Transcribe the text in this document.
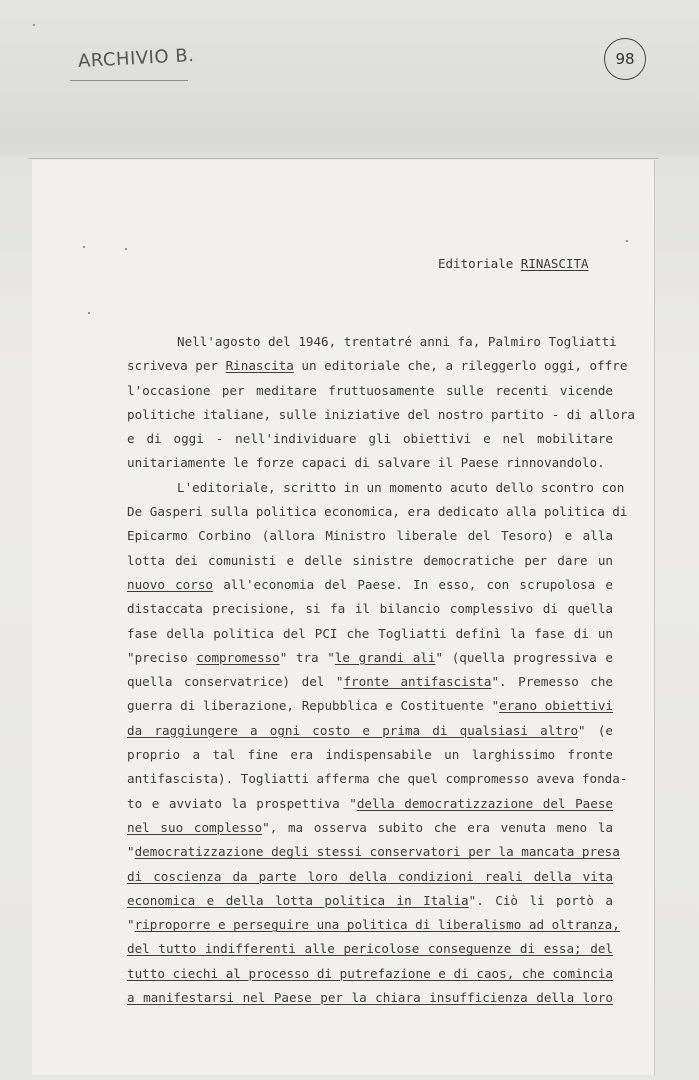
ARCHIVIO B.	98
Editoriale RINASCITA
Nell'agosto del 1946, trentatré anni fa, Palmiro Togliatti
scriveva per Rinascita un editoriale che, a rileggerlo oggi, offre
l'occasione per meditare fruttuosamente sulle recenti vicende
politiche italiane, sulle iniziative del nostro partito - di allora
e di oggi - nell'individuare gli obiettivi e nel mobilitare
unitariamente le forze capaci di salvare il Paese rinnovandolo.
L'editoriale, scritto in un momento acuto dello scontro con
De Gasperi sulla politica economica, era dedicato alla politica di
Epicarmo Corbino (allora Ministro liberale del Tesoro) e alla
lotta dei comunisti e delle sinistre democratiche per dare un
nuovo corso all'economia del Paese. In esso, con scrupolosa e
distaccata precisione, si fa il bilancio complessivo di quella
fase della politica del PCI che Togliatti definì la fase di un
"preciso compromesso" tra "le grandi ali" (quella progressiva e
quella conservatrice) del "fronte antifascista". Premesso che
guerra di liberazione, Repubblica e Costituente "erano obiettivi
da raggiungere a ogni costo e prima di qualsiasi altro" (e
proprio a tal fine era indispensabile un larghissimo fronte
antifascista). Togliatti afferma che quel compromesso aveva fonda-
to e avviato la prospettiva "della democratizzazione del Paese
nel suo complesso", ma osserva subito che era venuta meno la
"democratizzazione degli stessi conservatori per la mancata presa
di coscienza da parte loro della condizioni reali della vita
economica e della lotta politica in Italia". Ciò li portò a
"riproporre e perseguire una politica di liberalismo ad oltranza,
del tutto indifferenti alle pericolose conseguenze di essa; del
tutto ciechi al processo di putrefazione e di caos, che comincia
a manifestarsi nel Paese per la chiara insufficienza della loro
